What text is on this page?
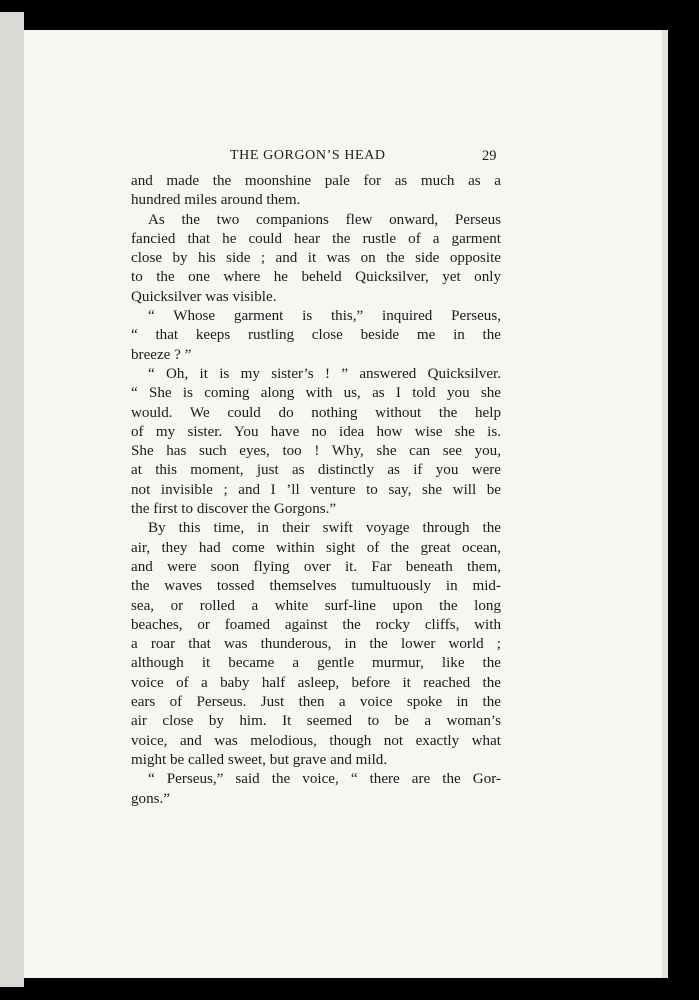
THE GORGON’S HEAD	29
and made the moonshine pale for as much as a
hundred miles around them.
As the two companions flew onward, Perseus
fancied that he could hear the rustle of a garment
close by his side ; and it was on the side opposite
to the one where he beheld Quicksilver, yet only
Quicksilver was visible.
“ Whose garment is this,” inquired Perseus,
“ that keeps rustling close beside me in the
breeze ? ”
“ Oh, it is my sister’s ! ” answered Quicksilver.
“ She is coming along with us, as I told you she
would. We could do nothing without the help
of my sister. You have no idea how wise she is.
She has such eyes, too ! Why, she can see you,
at this moment, just as distinctly as if you were
not invisible ; and I ’ll venture to say, she will be
the first to discover the Gorgons.”
By this time, in their swift voyage through the
air, they had come within sight of the great ocean,
and were soon flying over it. Far beneath them,
the waves tossed themselves tumultuously in mid-
sea, or rolled a white surf-line upon the long
beaches, or foamed against the rocky cliffs, with
a roar that was thunderous, in the lower world ;
although it became a gentle murmur, like the
voice of a baby half asleep, before it reached the
ears of Perseus. Just then a voice spoke in the
air close by him. It seemed to be a woman’s
voice, and was melodious, though not exactly what
might be called sweet, but grave and mild.
“ Perseus,” said the voice, “ there are the Gor-
gons.”
